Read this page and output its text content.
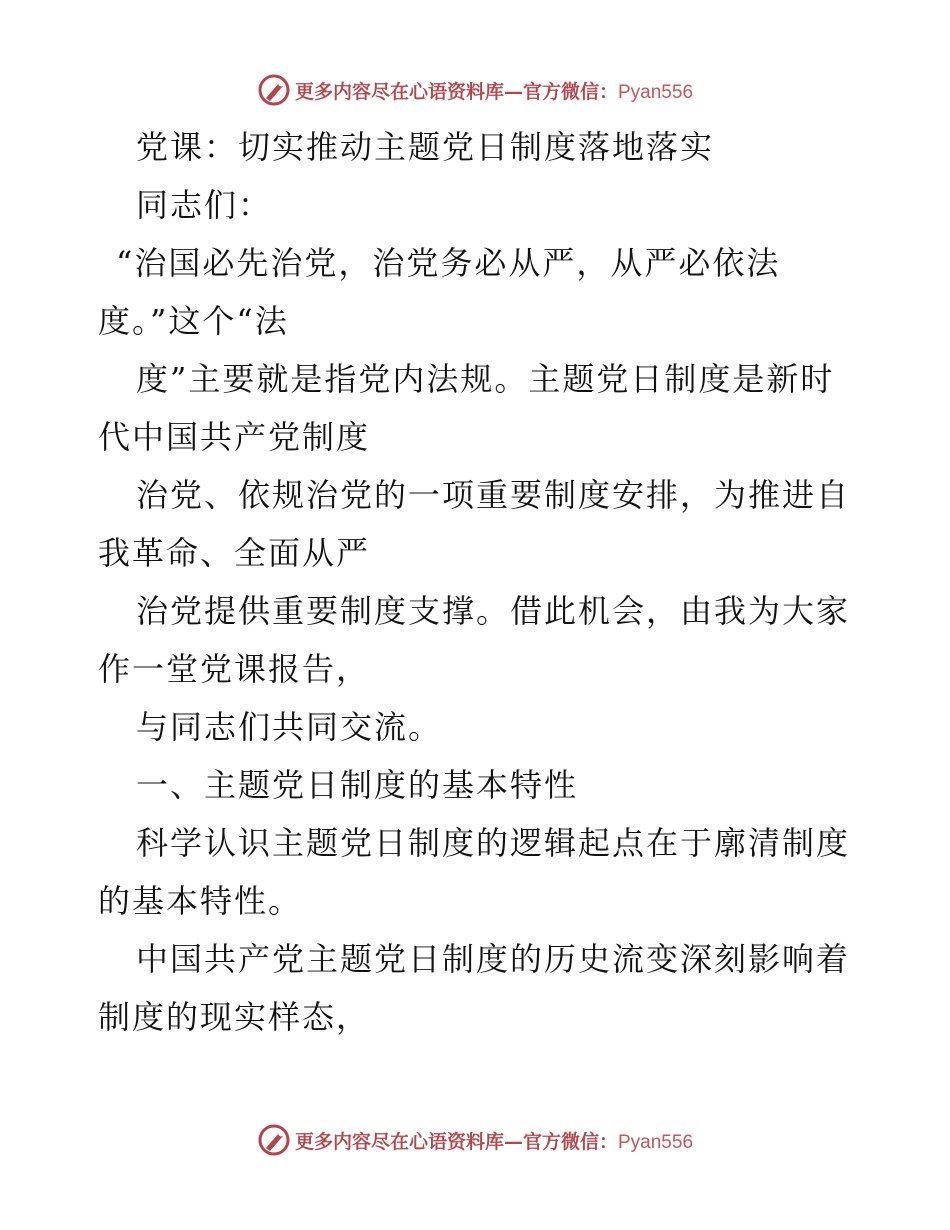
更多内容尽在心语资料库—官方微信：Pyan556
党课：切实推动主题党日制度落地落实
同志们：
“治国必先治党，治党务必从严，从严必依法
度。”这个“法
度”主要就是指党内法规。主题党日制度是新时
代中国共产党制度
治党、依规治党的一项重要制度安排，为推进自
我革命、全面从严
治党提供重要制度支撑。借此机会，由我为大家
作一堂党课报告，
与同志们共同交流。
一、主题党日制度的基本特性
科学认识主题党日制度的逻辑起点在于廓清制度
的基本特性。
中国共产党主题党日制度的历史流变深刻影响着
制度的现实样态，
更多内容尽在心语资料库—官方微信：Pyan556
